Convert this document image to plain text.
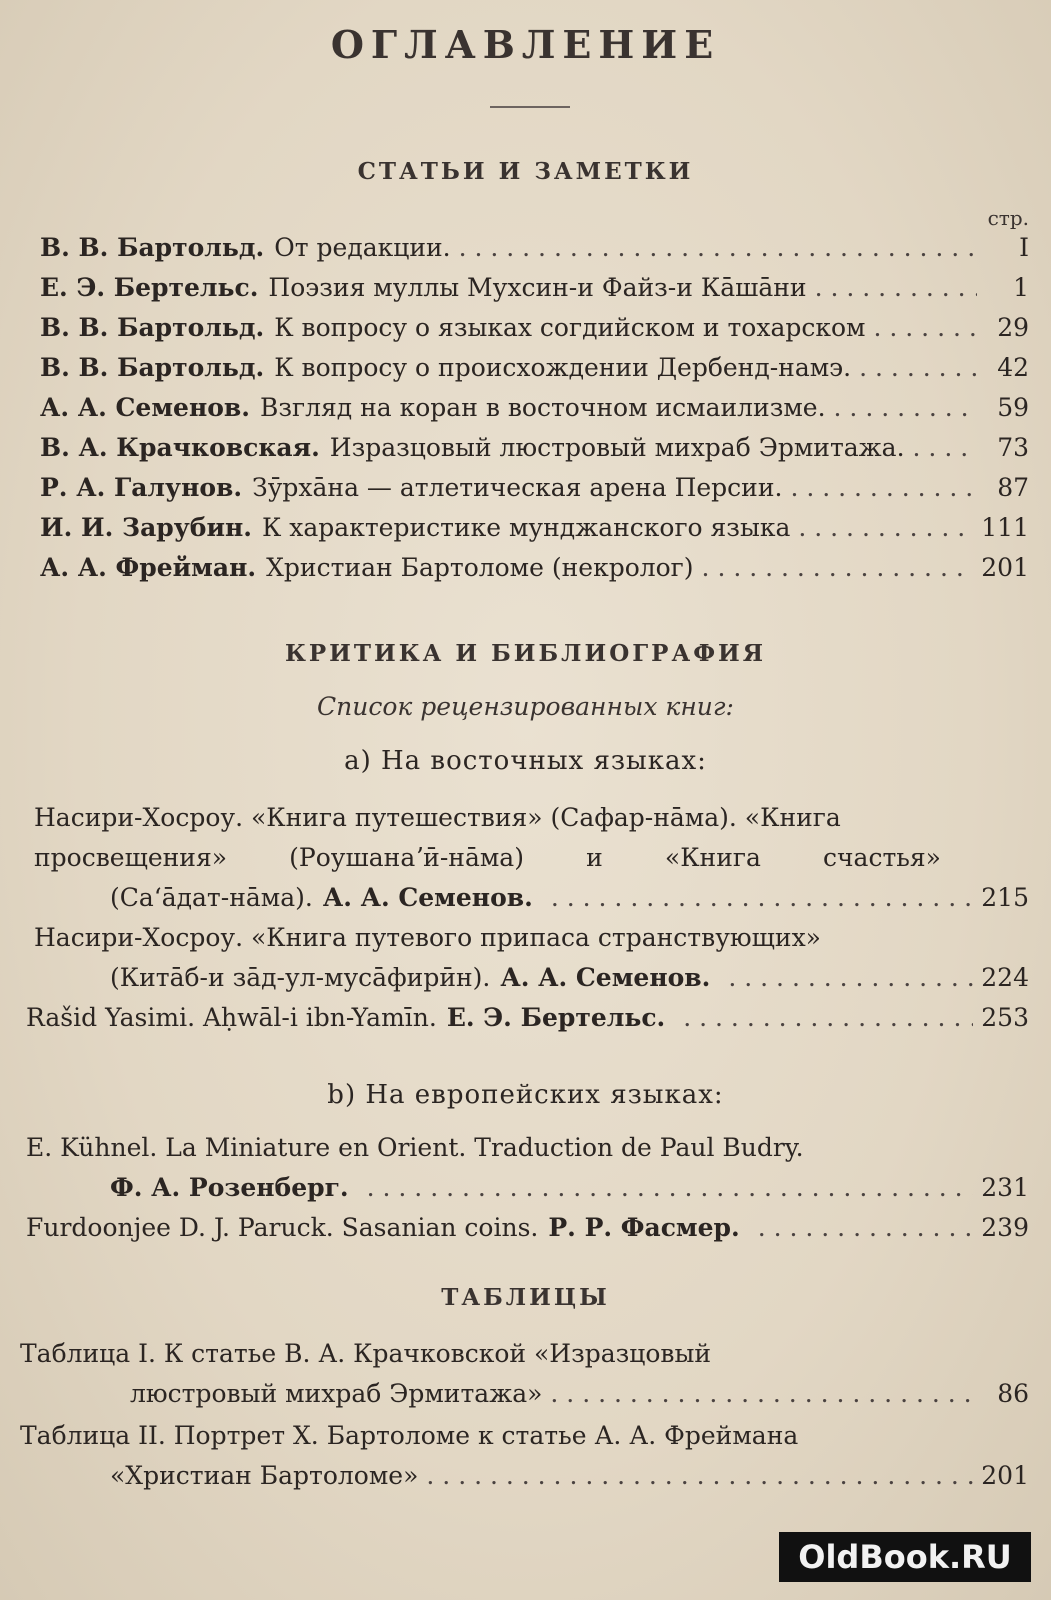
ОГЛАВЛЕНИЕ
СТАТЬИ И ЗАМЕТКИ
стр.
В. В. Бартольд. От редакции. . . .	I
Е. Э. Бертельс. Поэзия муллы Мухсин-и Файз-и Кāшāни . . .	1
В. В. Бартольд. К вопросу о языках согдийском и тохарском . . .	29
В. В. Бартольд. К вопросу о происхождении Дербенд-намэ. . . .	42
А. А. Семенов. Взгляд на коран в восточном исмаилизме. . . .	59
В. А. Крачковская. Изразцовый люстровый михраб Эрмитажа. . . .	73
Р. А. Галунов. Зӯрхāна — атлетическая арена Персии. . . .	87
И. И. Зарубин. К характеристике мунджанского языка . . .	111
А. А. Фрейман. Христиан Бартоломе (некролог) . . .	201
КРИТИКА И БИБЛИОГРАФИЯ
Список рецензированных книг:
а) На восточных языках:
Насири-Хосроу. «Книга путешествия» (Сафар-нāма). «Книга
просвещения» (Роушанаʼӣ-нāма) и «Книга счастья»
(Саʻāдат-нāма). А. А. Семенов. . . .	215
Насири-Хосроу. «Книга путевого припаса странствующих»
(Китāб-и зāд-ул-мусāфирӣн). А. А. Семенов. . . .	224
Rašid Yasimi. Aḥwāl-i ibn-Yamīn. Е. Э. Бертельс. . . .	253
b) На европейских языках:
E. Kühnel. La Miniature en Orient. Traduction de Paul Budry.
Ф. А. Розенберг. . . .	231
Furdoonjee D. J. Paruck. Sasanian coins. Р. Р. Фасмер. . . .	239
ТАБЛИЦЫ
Таблица I. К статье В. А. Крачковской «Изразцовый
люстровый михраб Эрмитажа» . . .	86
Таблица II. Портрет Х. Бартоломе к статье А. А. Фреймана
«Христиан Бартоломе» . . .	201
OldBook.RU
